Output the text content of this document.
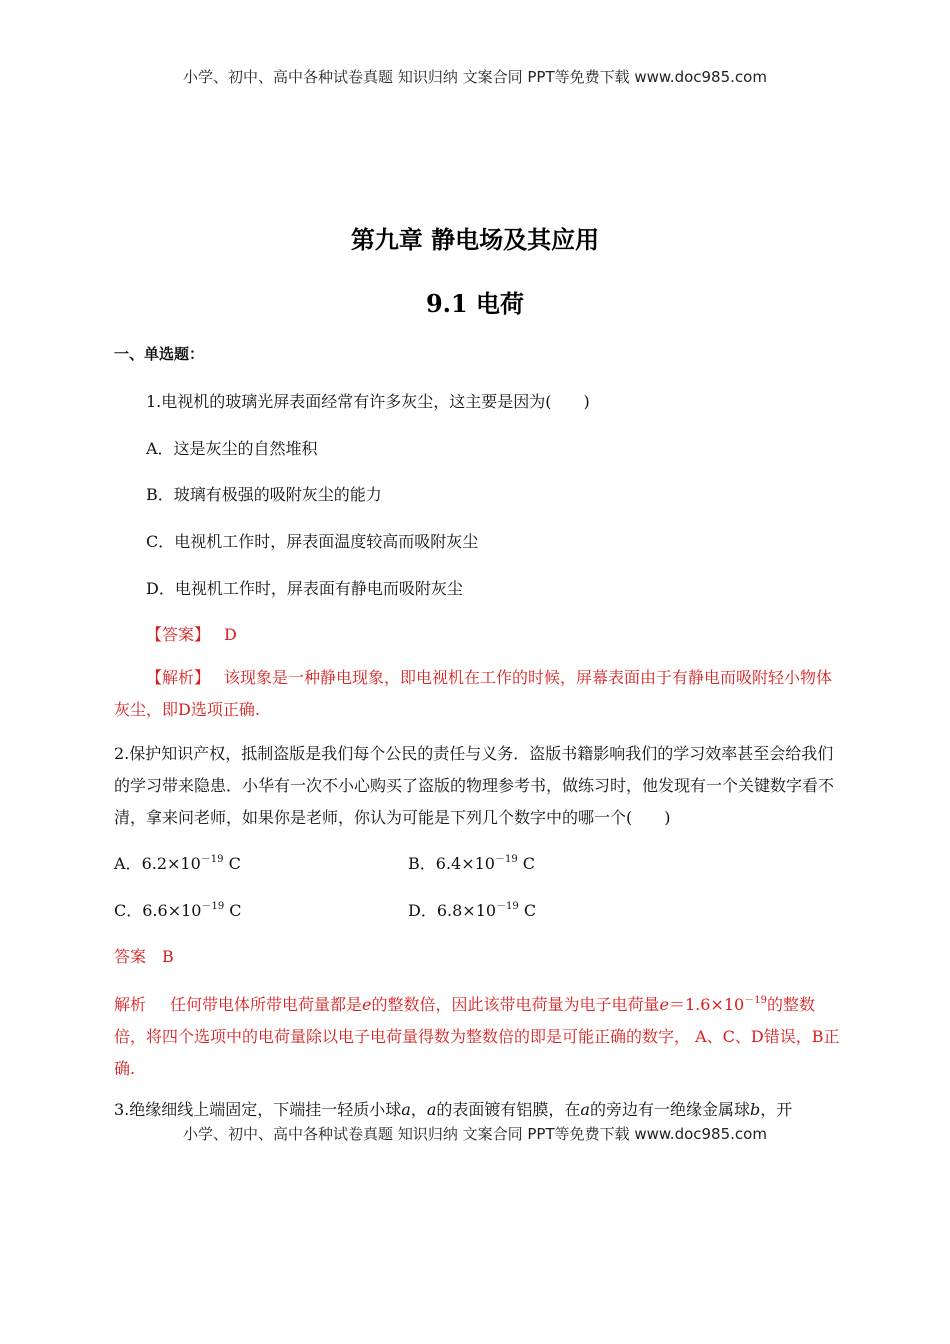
小学、初中、高中各种试卷真题 知识归纳 文案合同 PPT等免费下载 www.doc985.com
第九章 静电场及其应用
9.1 电荷
一、单选题：
1.电视机的玻璃光屏表面经常有许多灰尘，这主要是因为(　　)
A．这是灰尘的自然堆积
B．玻璃有极强的吸附灰尘的能力
C．电视机工作时，屏表面温度较高而吸附灰尘
D．电视机工作时，屏表面有静电而吸附灰尘
【答案】 D
【解析】 该现象是一种静电现象，即电视机在工作的时候，屏幕表面由于有静电而吸附轻小物体灰尘，即D选项正确.
2.保护知识产权，抵制盗版是我们每个公民的责任与义务．盗版书籍影响我们的学习效率甚至会给我们的学习带来隐患．小华有一次不小心购买了盗版的物理参考书，做练习时，他发现有一个关键数字看不清，拿来问老师，如果你是老师，你认为可能是下列几个数字中的哪一个(　　)
A．$6.2\times 10^{-19}$ C	B．$6.4\times 10^{-19}$ C
C．$6.6\times 10^{-19}$ C	D．$6.8\times 10^{-19}$ C
答案 B
解析 任何带电体所带电荷量都是e的整数倍，因此该带电荷量为电子电荷量$e=1.6\times 10^{-19}$的整数倍，将四个选项中的电荷量除以电子电荷量得数为整数倍的即是可能正确的数字， A、C、D错误，B正确.
3.绝缘细线上端固定，下端挂一轻质小球a，a的表面镀有铝膜，在a的旁边有一绝缘金属球b，开
小学、初中、高中各种试卷真题 知识归纳 文案合同 PPT等免费下载 www.doc985.com
